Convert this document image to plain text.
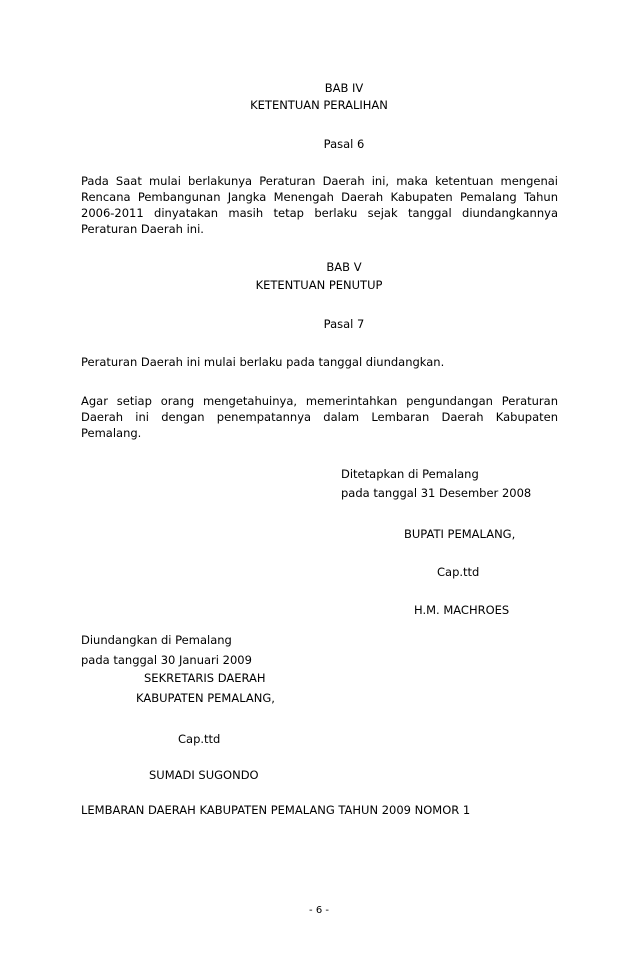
BAB IV
KETENTUAN PERALIHAN
Pasal 6
Pada Saat mulai berlakunya Peraturan Daerah ini, maka ketentuan mengenai Rencana Pembangunan Jangka Menengah Daerah Kabupaten Pemalang Tahun 2006-2011 dinyatakan masih tetap berlaku sejak tanggal diundangkannya Peraturan Daerah ini.
BAB V
KETENTUAN PENUTUP
Pasal 7
Peraturan Daerah ini mulai berlaku pada tanggal diundangkan.
Agar setiap orang mengetahuinya, memerintahkan pengundangan Peraturan Daerah ini dengan penempatannya dalam Lembaran Daerah Kabupaten Pemalang.
Ditetapkan di Pemalang
pada tanggal 31 Desember 2008
BUPATI PEMALANG,
Cap.ttd
H.M. MACHROES
Diundangkan di Pemalang
pada tanggal 30 Januari 2009
SEKRETARIS DAERAH
KABUPATEN PEMALANG,
Cap.ttd
SUMADI SUGONDO
LEMBARAN DAERAH KABUPATEN PEMALANG TAHUN 2009 NOMOR 1
- 6 -
